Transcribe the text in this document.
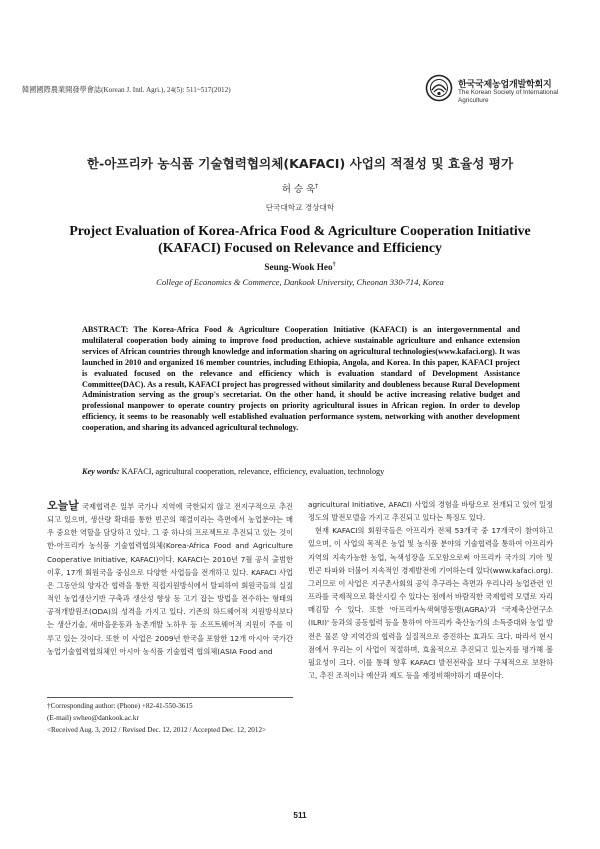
韓國國際農業開發學會誌(Korean J. Intl. Agri.), 24(5): 511~517(2012)	한국국제농업개발학회지
The Korean Society of International Agriculture
한-아프리카 농식품 기술협력협의체(KAFACI) 사업의 적절성 및 효율성 평가
허 승 욱†
단국대학교 경상대학
Project Evaluation of Korea-Africa Food & Agriculture Cooperation Initiative (KAFACI) Focused on Relevance and Efficiency
Seung-Wook Heo†
College of Economics & Commerce, Dankook University, Cheonan 330-714, Korea
ABSTRACT: The Korea-Africa Food & Agriculture Cooperation Initiative (KAFACI) is an intergovernmental and multilateral cooperation body aiming to improve food production, achieve sustainable agriculture and enhance extension services of African countries through knowledge and information sharing on agricultural technologies(www.kafaci.org). It was launched in 2010 and organized 16 member countries, including Ethiopia, Angola, and Korea. In this paper, KAFACI project is evaluated focused on the relevance and efficiency which is evaluation standard of Development Assistance Committee(DAC). As a result, KAFACI project has progressed without similarity and doubleness because Rural Development Administration serving as the group's secretariat. On the other hand, it should be active increasing relative budget and professional manpower to operate country projects on priority agricultural issues in African region. In order to develop efficiency, it seems to be reasonably well established evaluation performance system, networking with another development cooperation, and sharing its advanced agricultural technology.
Key words: KAFACI, agricultural cooperation, relevance, efficiency, evaluation, technology
오늘날 국제협력은 일부 국가나 지역에 국한되지 않고 전지구적으로 추진되고 있으며, 생산량 확대를 통한 빈곤의 해결이라는 측면에서 농업분야는 매우 중요한 역할을 담당하고 있다. 그 중 하나의 프로젝트로 추진되고 있는 것이 한-아프리카 농식품 기술협력협의체(Korea-Africa Food and Agriculture Cooperative Initiative, KAFACI)이다. KAFACI는 2010년 7월 공식 출범한 이후, 17개 회원국을 중심으로 다양한 사업들을 전개하고 있다. KAFACI 사업은 그동안의 양자간 협력을 통한 직접지원방식에서 탈피하여 회원국들의 실질적인 농업생산기반 구축과 생산성 향상 등 고기 잡는 방법을 전수하는 형태의 공적개발원조(ODA)의 성격을 가지고 있다. 기존의 하드웨어적 지원방식보다는 생산기술, 새마을운동과 농촌개발 노하우 등 소프트웨어적 지원이 주를 이루고 있는 것이다. 또한 이 사업은 2009년 한국을 포함한 12개 아시아 국가간 농업기술협력협의체인 아시아 농식품 기술협력 협의체(ASIA Food and
agricultural Initiative, AFACI) 사업의 경험을 바탕으로 전개되고 있어 일정정도의 발전모델을 가지고 추진되고 있다는 특징도 있다.
현재 KAFACI의 회원국들은 아프리카 전체 53개국 중 17개국이 참여하고 있으며, 이 사업의 목적은 농업 및 농식품 분야의 기술협력을 통하여 아프리카 지역의 지속가능한 농업, 녹색성장을 도모함으로써 아프리카 국가의 기아 및 빈곤 타파와 더불어 지속적인 경제발전에 기여하는데 있다(www.kafaci.org). 그러므로 이 사업은 지구촌사회의 공익 추구라는 측면과 우리나라 농업관련 인프라를 국제적으로 확산시킬 수 있다는 점에서 바람직한 국제협력 모델로 자리매김할 수 있다. 또한 '아프리카녹색혁명동맹(AGRA)'과 '국제축산연구소(ILRI)' 등과의 공동협력 등을 통하여 아프리카 축산농가의 소득증대와 농업 발전은 물론 양 지역간의 협력을 실질적으로 증진하는 효과도 크다. 따라서 현시점에서 우리는 이 사업이 적절하며, 효율적으로 추진되고 있는지를 평가해 볼 필요성이 크다. 이를 통해 향후 KAFACI 발전전략을 보다 구체적으로 보완하고, 추진 조직이나 예산과 제도 등을 재정비해야하기 때문이다.
†Corresponding author: (Phone) +82-41-550-3615
(E-mail) swheo@dankook.ac.kr
<Received Aug. 3, 2012 / Revised Dec. 12, 2012 / Accepted Dec. 12, 2012>
511
